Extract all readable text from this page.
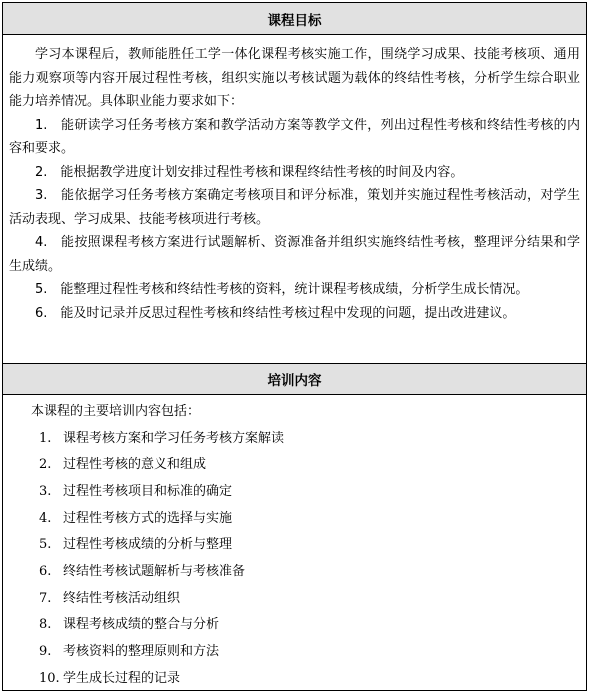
课程目标

学习本课程后，教师能胜任工学一体化课程考核实施工作，围绕学习成果、技能考核项、通用能力观察项等内容开展过程性考核，组织实施以考核试题为载体的终结性考核，分析学生综合职业能力培养情况。具体职业能力要求如下：

1.　 能研读学习任务考核方案和教学活动方案等教学文件，列出过程性考核和终结性考核的内容和要求。

2.　 能根据教学进度计划安排过程性考核和课程终结性考核的时间及内容。

3.　 能依据学习任务考核方案确定考核项目和评分标准，策划并实施过程性考核活动，对学生活动表现、学习成果、技能考核项进行考核。

4.　 能按照课程考核方案进行试题解析、资源准备并组织实施终结性考核，整理评分结果和学生成绩。

5.　 能整理过程性考核和终结性考核的资料，统计课程考核成绩，分析学生成长情况。

6.　 能及时记录并反思过程性考核和终结性考核过程中发现的问题，提出改进建议。

培训内容

本课程的主要培训内容包括：

1. 课程考核方案和学习任务考核方案解读
2. 过程性考核的意义和组成
3. 过程性考核项目和标准的确定
4. 过程性考核方式的选择与实施
5. 过程性考核成绩的分析与整理
6. 终结性考核试题解析与考核准备
7. 终结性考核活动组织
8. 课程考核成绩的整合与分析
9. 考核资料的整理原则和方法
10. 学生成长过程的记录
